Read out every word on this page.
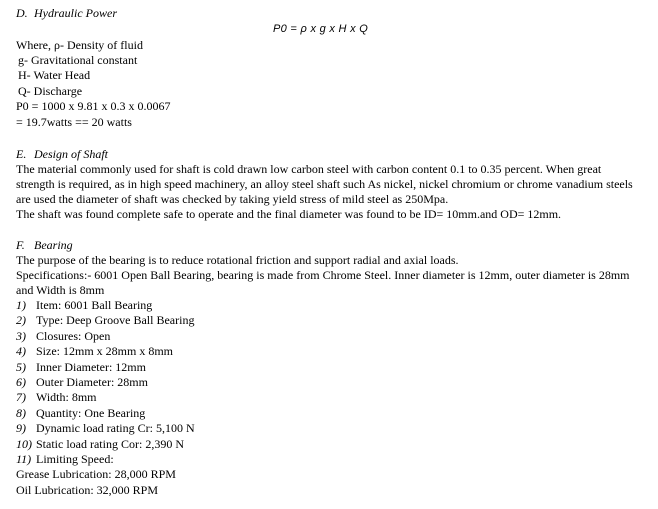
D. Hydraulic Power
P0 = ρ x g x H x Q
Where, ρ- Density of fluid
g- Gravitational constant
H- Water Head
Q- Discharge
P0 = 1000 x 9.81 x 0.3 x 0.0067
= 19.7watts == 20 watts
E. Design of Shaft
The material commonly used for shaft is cold drawn low carbon steel with carbon content 0.1 to 0.35 percent. When great strength is required, as in high speed machinery, an alloy steel shaft such As nickel, nickel chromium or chrome vanadium steels are used the diameter of shaft was checked by taking yield stress of mild steel as 250Mpa.
The shaft was found complete safe to operate and the final diameter was found to be ID= 10mm.and OD= 12mm.
F. Bearing
The purpose of the bearing is to reduce rotational friction and support radial and axial loads.
Specifications:- 6001 Open Ball Bearing, bearing is made from Chrome Steel. Inner diameter is 12mm, outer diameter is 28mm and Width is 8mm
1) Item: 6001 Ball Bearing
2) Type: Deep Groove Ball Bearing
3) Closures: Open
4) Size: 12mm x 28mm x 8mm
5) Inner Diameter: 12mm
6) Outer Diameter: 28mm
7) Width: 8mm
8) Quantity: One Bearing
9) Dynamic load rating Cr: 5,100 N
10) Static load rating Cor: 2,390 N
11) Limiting Speed:
Grease Lubrication: 28,000 RPM
Oil Lubrication: 32,000 RPM
